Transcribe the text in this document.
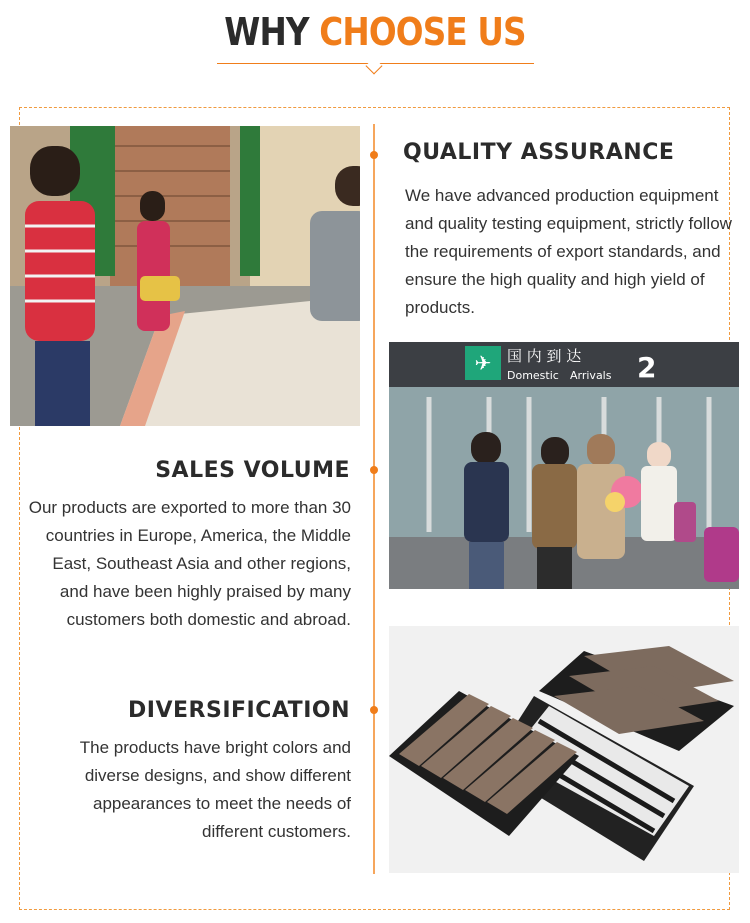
WHY CHOOSE US
QUALITY ASSURANCE
We have advanced production equipment and quality testing equipment, strictly follow the requirements of export standards, and ensure the high quality and high yield of products.
✈ 国 内 到 达
Domestic Arrivals 2
SALES VOLUME
Our products are exported to more than 30 countries in Europe, America, the Middle East, Southeast Asia and other regions, and have been highly praised by many customers both domestic and abroad.
DIVERSIFICATION
The products have bright colors and diverse designs, and show different appearances to meet the needs of different customers.
